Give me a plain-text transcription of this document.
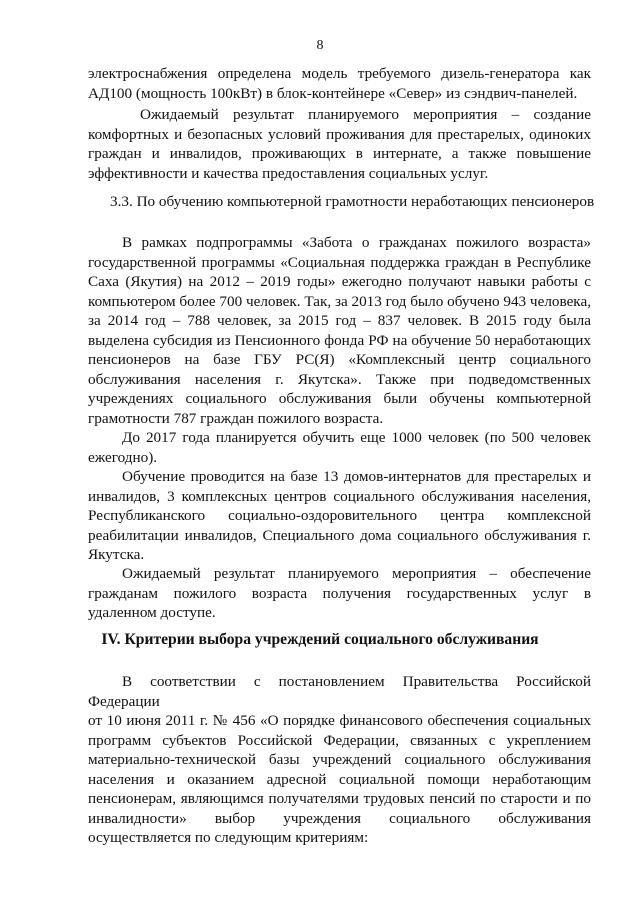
8

электроснабжения определена модель требуемого дизель-генератора как

АД100 (мощность 100кВт) в блок-контейнере «Север» из сэндвич-панелей.

Ожидаемый результат планируемого мероприятия – создание

комфортных и безопасных условий проживания для престарелых, одиноких

граждан и инвалидов, проживающих в интернате, а также повышение

эффективности и качества предоставления социальных услуг.

3.3. По обучению компьютерной грамотности неработающих пенсионеров

В рамках подпрограммы «Забота о гражданах пожилого возраста»

государственной программы «Социальная поддержка граждан в Республике

Саха (Якутия) на 2012 – 2019 годы» ежегодно получают навыки работы с

компьютером более 700 человек. Так, за 2013 год было обучено 943 человека,

за 2014 год – 788 человек, за 2015 год – 837 человек. В 2015 году была

выделена субсидия из Пенсионного фонда РФ на обучение 50 неработающих

пенсионеров на базе ГБУ РС(Я) «Комплексный центр социального

обслуживания населения г. Якутска». Также при подведомственных

учреждениях социального обслуживания были обучены компьютерной

грамотности 787 граждан пожилого возраста.

До 2017 года планируется обучить еще 1000 человек (по 500 человек

ежегодно).

Обучение проводится на базе 13 домов-интернатов для престарелых и

инвалидов, 3 комплексных центров социального обслуживания населения,

Республиканского социально-оздоровительного центра комплексной

реабилитации инвалидов, Специального дома социального обслуживания г.

Якутска.

Ожидаемый результат планируемого мероприятия – обеспечение

гражданам пожилого возраста получения государственных услуг в

удаленном доступе.

IV. Критерии выбора учреждений социального обслуживания

В соответствии с постановлением Правительства Российской Федерации

от 10 июня 2011 г. № 456 «О порядке финансового обеспечения социальных

программ субъектов Российской Федерации, связанных с укреплением

материально-технической базы учреждений социального обслуживания

населения и оказанием адресной социальной помощи неработающим

пенсионерам, являющимся получателями трудовых пенсий по старости и по

инвалидности» выбор учреждения социального обслуживания

осуществляется по следующим критериям:
